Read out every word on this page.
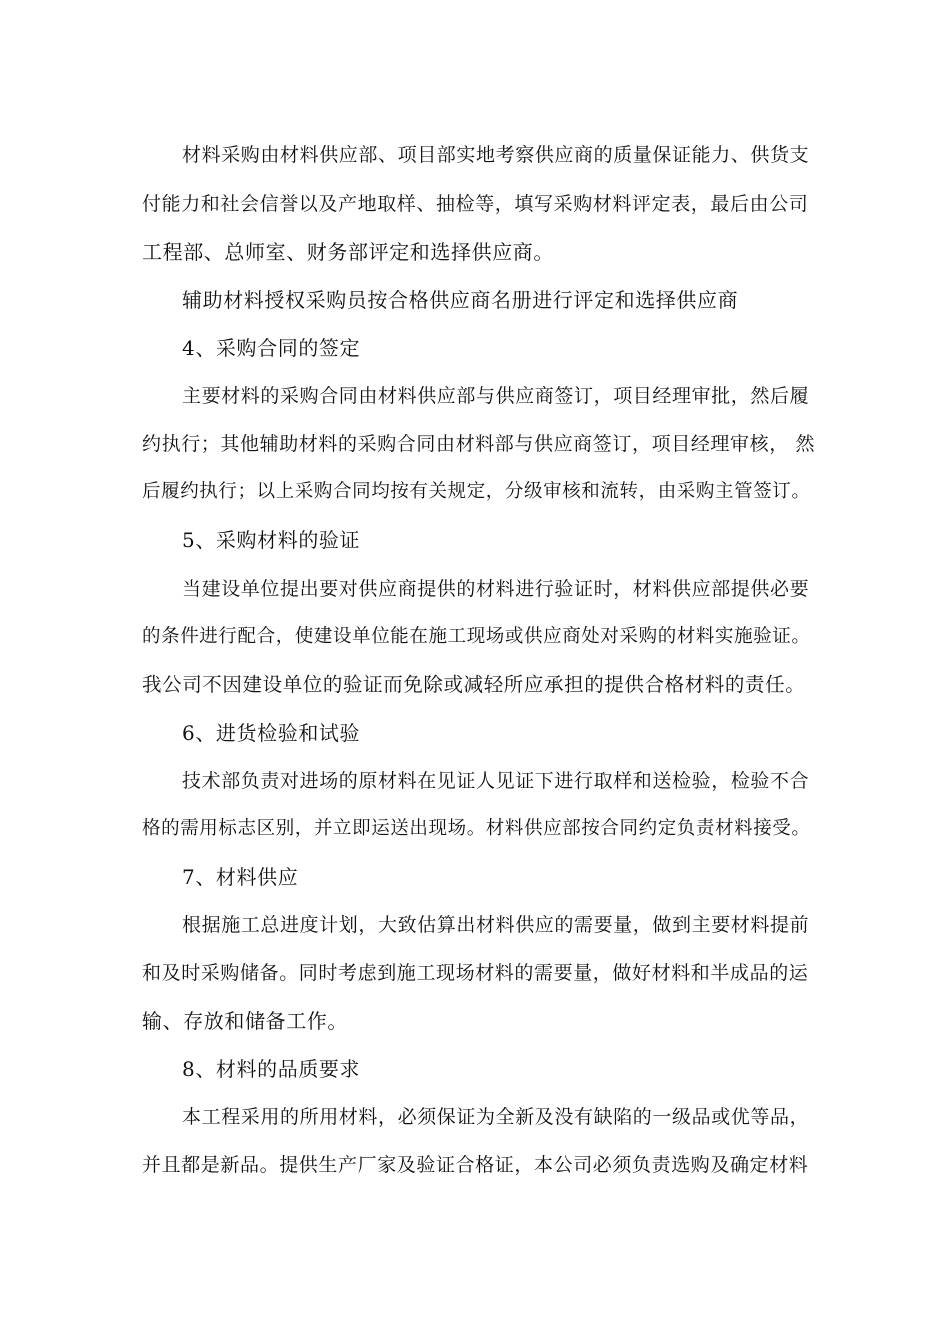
材料采购由材料供应部、项目部实地考察供应商的质量保证能力、供货支
付能力和社会信誉以及产地取样、抽检等，填写采购材料评定表，最后由公司
工程部、总师室、财务部评定和选择供应商。
辅助材料授权采购员按合格供应商名册进行评定和选择供应商
4、采购合同的签定
主要材料的采购合同由材料供应部与供应商签订，项目经理审批，然后履
约执行；其他辅助材料的采购合同由材料部与供应商签订，项目经理审核， 然
后履约执行；以上采购合同均按有关规定，分级审核和流转，由采购主管签订。
5、采购材料的验证
当建设单位提出要对供应商提供的材料进行验证时，材料供应部提供必要
的条件进行配合，使建设单位能在施工现场或供应商处对采购的材料实施验证。
我公司不因建设单位的验证而免除或减轻所应承担的提供合格材料的责任。
6、进货检验和试验
技术部负责对进场的原材料在见证人见证下进行取样和送检验，检验不合
格的需用标志区别，并立即运送出现场。材料供应部按合同约定负责材料接受。
7、材料供应
根据施工总进度计划，大致估算出材料供应的需要量，做到主要材料提前
和及时采购储备。同时考虑到施工现场材料的需要量，做好材料和半成品的运
输、存放和储备工作。
8、材料的品质要求
本工程采用的所用材料，必须保证为全新及没有缺陷的一级品或优等品，
并且都是新品。提供生产厂家及验证合格证，本公司必须负责选购及确定材料
